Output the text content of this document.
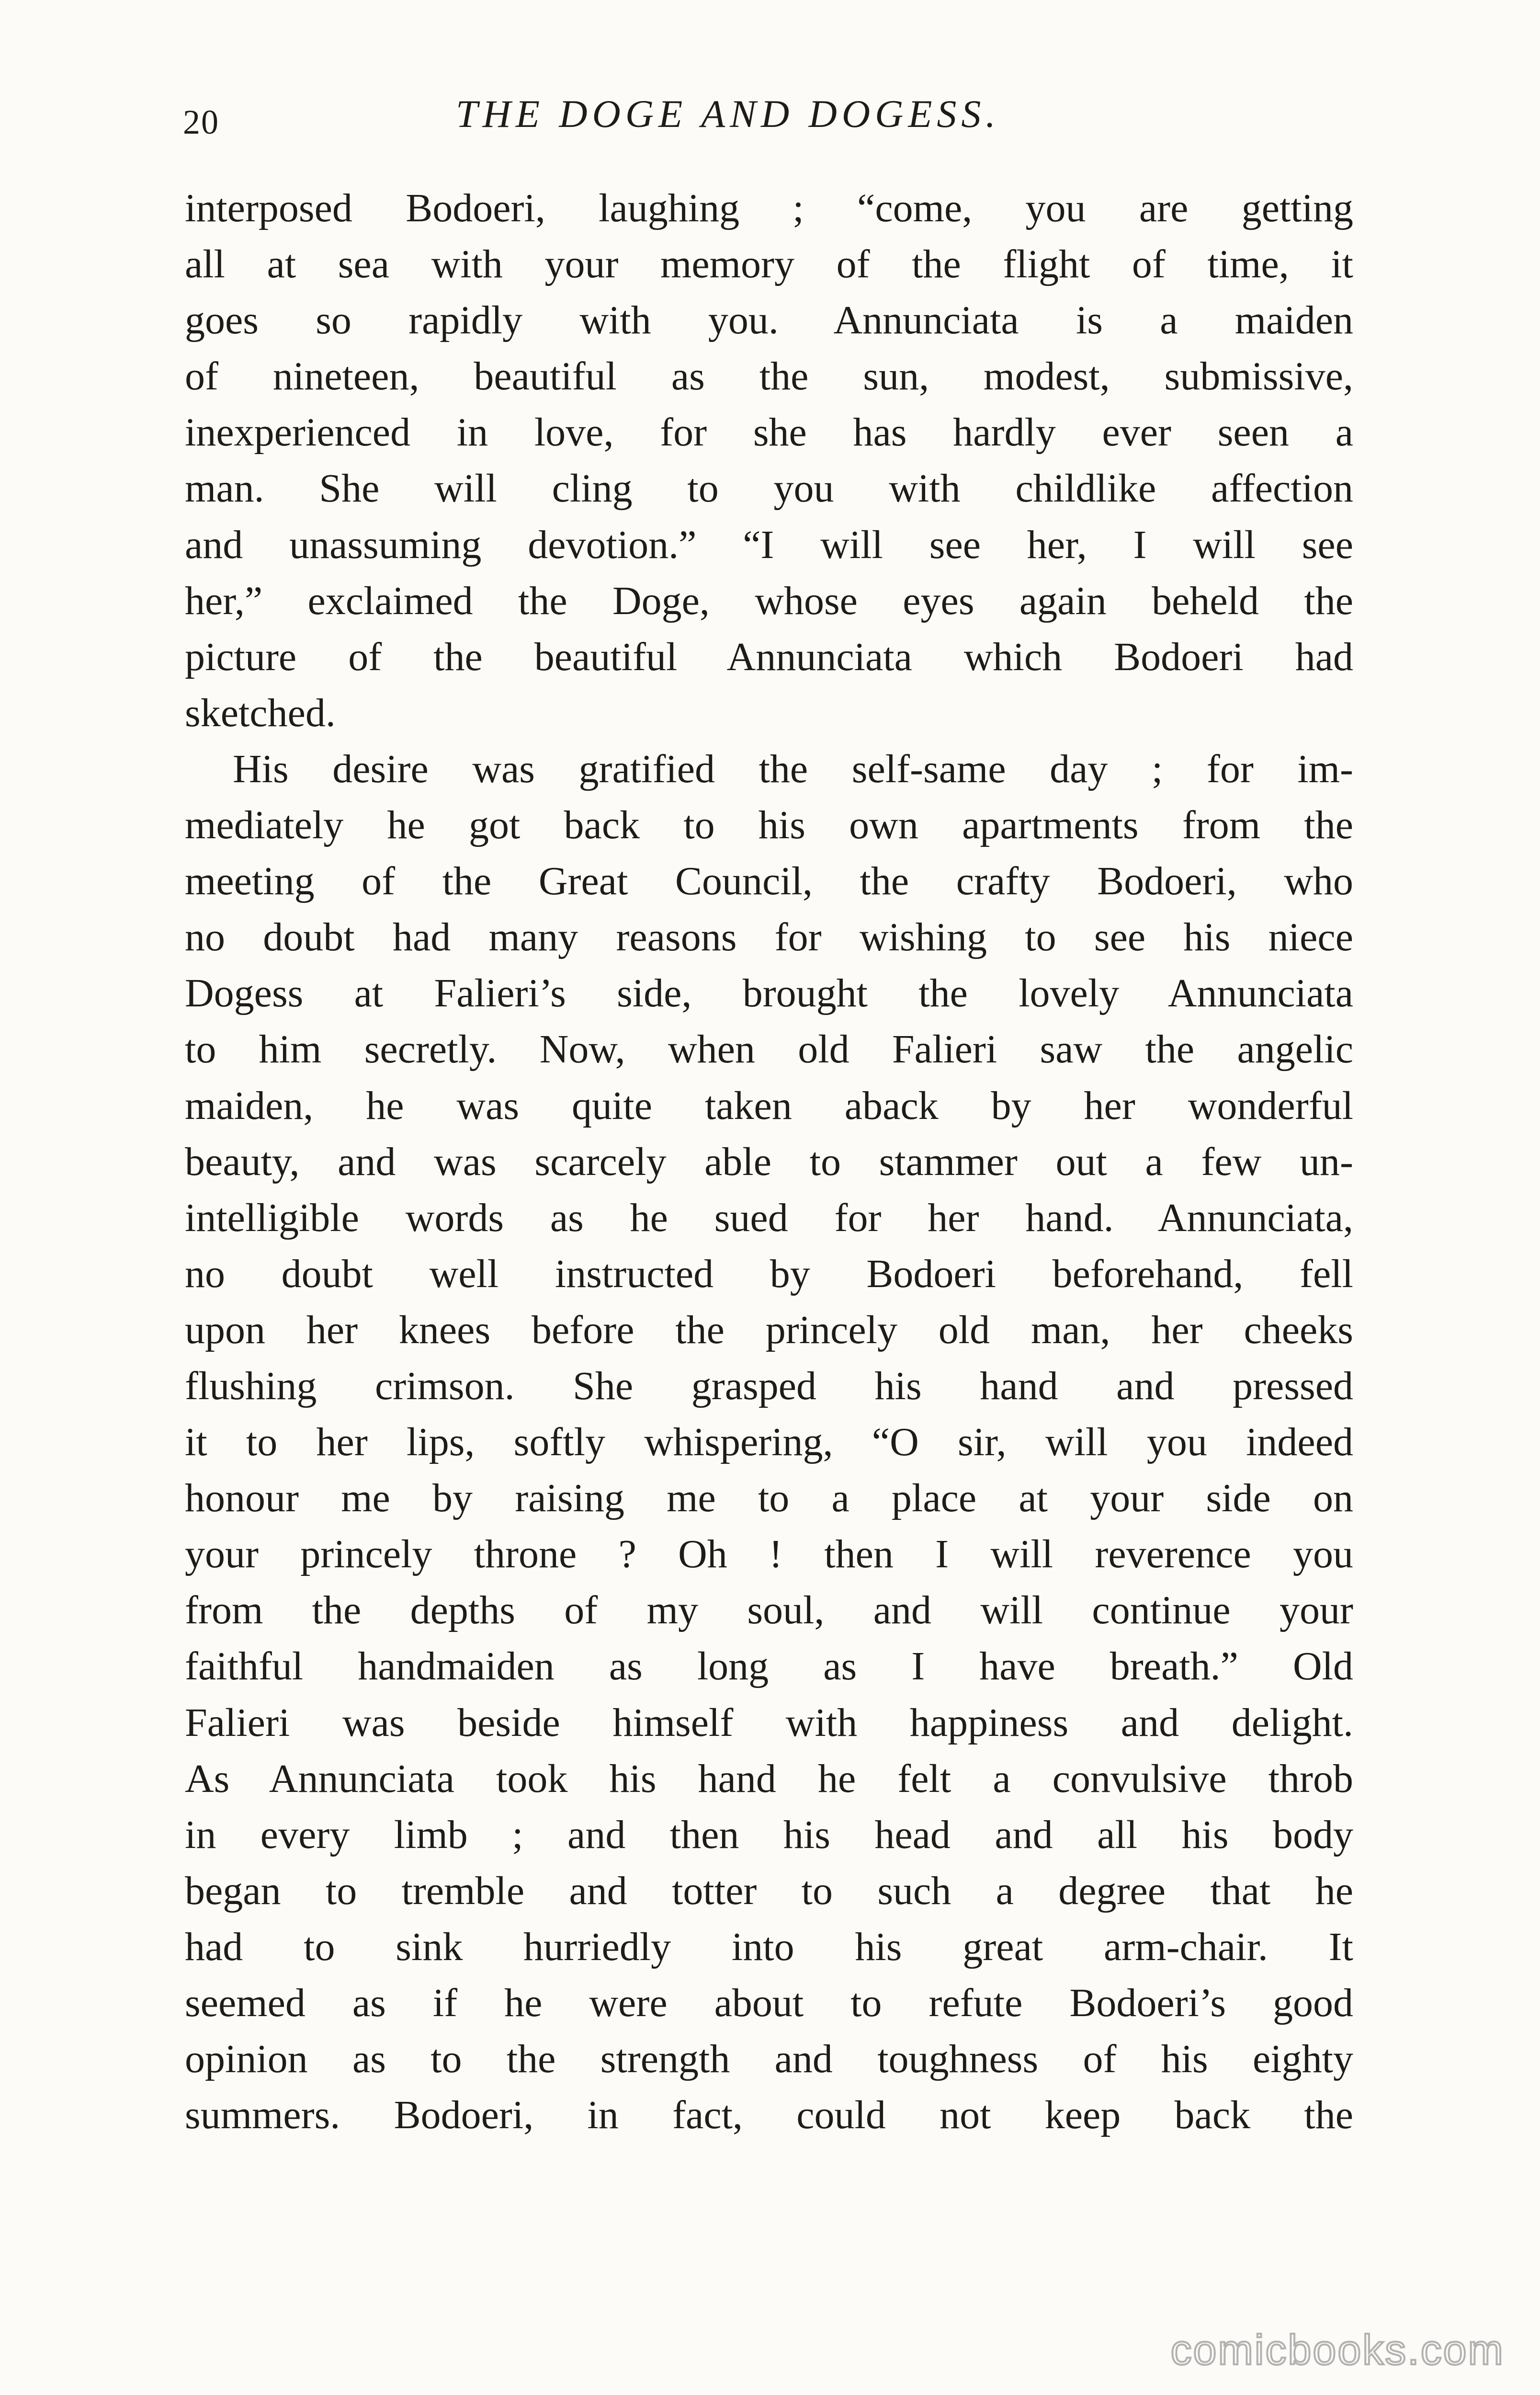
20	THE DOGE AND DOGESS.
interposed Bodoeri, laughing ; “come, you are getting
all at sea with your memory of the flight of time, it
goes so rapidly with you. Annunciata is a maiden
of nineteen, beautiful as the sun, modest, submissive,
inexperienced in love, for she has hardly ever seen a
man. She will cling to you with childlike affection
and unassuming devotion.” “I will see her, I will see
her,” exclaimed the Doge, whose eyes again beheld the
picture of the beautiful Annunciata which Bodoeri had
sketched.
His desire was gratified the self-same day ; for im-
mediately he got back to his own apartments from the
meeting of the Great Council, the crafty Bodoeri, who
no doubt had many reasons for wishing to see his niece
Dogess at Falieri’s side, brought the lovely Annunciata
to him secretly. Now, when old Falieri saw the angelic
maiden, he was quite taken aback by her wonderful
beauty, and was scarcely able to stammer out a few un-
intelligible words as he sued for her hand. Annunciata,
no doubt well instructed by Bodoeri beforehand, fell
upon her knees before the princely old man, her cheeks
flushing crimson. She grasped his hand and pressed
it to her lips, softly whispering, “O sir, will you indeed
honour me by raising me to a place at your side on
your princely throne ? Oh ! then I will reverence you
from the depths of my soul, and will continue your
faithful handmaiden as long as I have breath.” Old
Falieri was beside himself with happiness and delight.
As Annunciata took his hand he felt a convulsive throb
in every limb ; and then his head and all his body
began to tremble and totter to such a degree that he
had to sink hurriedly into his great arm-chair. It
seemed as if he were about to refute Bodoeri’s good
opinion as to the strength and toughness of his eighty
summers. Bodoeri, in fact, could not keep back the
comicbooks.com
